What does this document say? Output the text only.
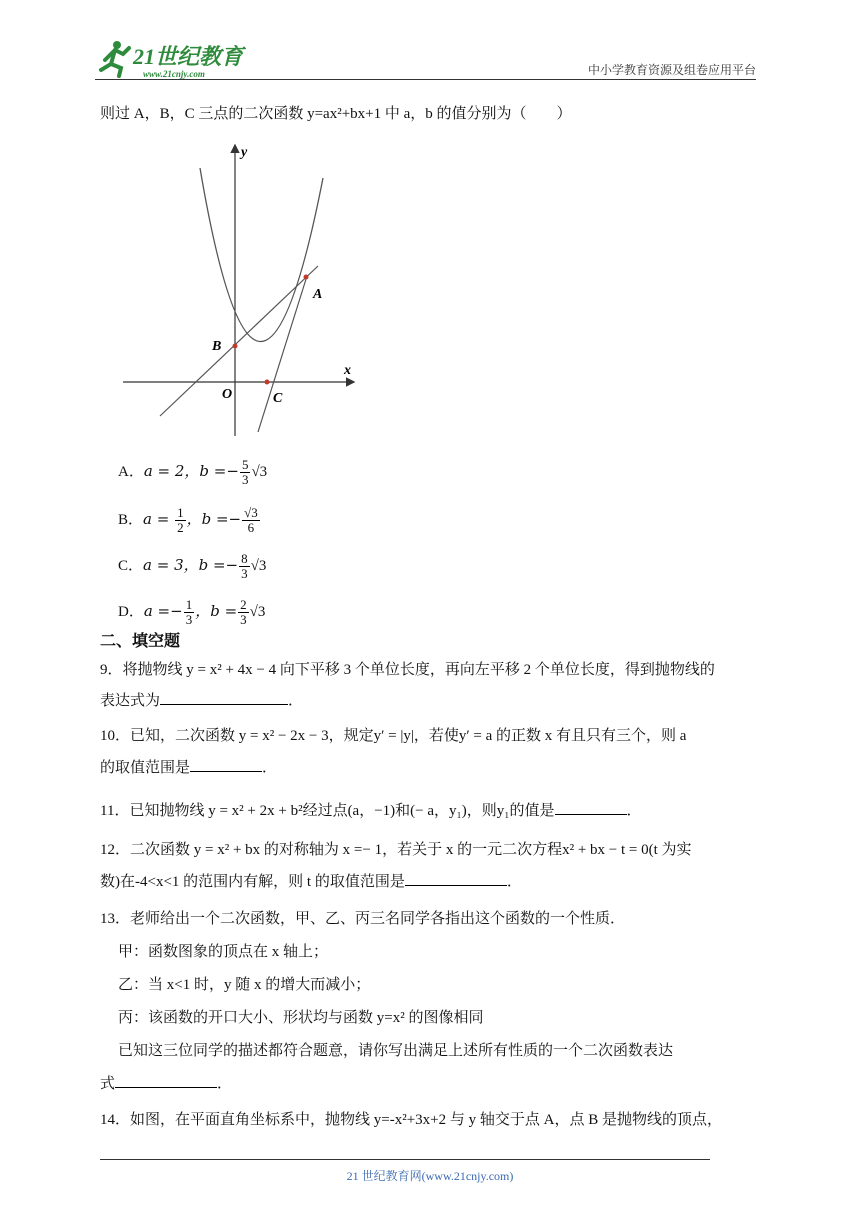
21世纪教育
www.21cnjy.com	中小学教育资源及组卷应用平台
则过 A，B，C 三点的二次函数 y=ax²+bx+1 中 a，b 的值分别为（　　）
y
x
A
B
C
O
A．a = 2，$b =- \frac{5}{3} √3$
B．$a = \frac{1}{2}$ ，$b =- \frac{√3}{6}$
C．a = 3，$b =- \frac{8}{3} √3$
D．$a =- \frac{1}{3}$ ，$b = \frac{2}{3} √3$
二、填空题
9．将抛物线 y = x² + 4x − 4 向下平移 3 个单位长度，再向左平移 2 个单位长度，得到抛物线的
表达式为	．
10．已知，二次函数 y = x² − 2x − 3，规定y′ = |y|，若使y′ = a 的正数 x 有且只有三个，则 a
的取值范围是	．
11．已知抛物线 y = x² + 2x + b²经过点(a，−1)和(− a，y₁)，则y₁的值是	．
12．二次函数 y = x² + bx 的对称轴为 x =− 1，若关于 x 的一元二次方程x² + bx − t = 0(t 为实
数)在-4<x<1 的范围内有解，则 t 的取值范围是	．
13．老师给出一个二次函数，甲、乙、丙三名同学各指出这个函数的一个性质．
甲：函数图象的顶点在 x 轴上；
乙：当 x<1 时，y 随 x 的增大而减小；
丙：该函数的开口大小、形状均与函数 y=x² 的图像相同
已知这三位同学的描述都符合题意，请你写出满足上述所有性质的一个二次函数表达
式	．
14．如图，在平面直角坐标系中，抛物线 y=-x²+3x+2 与 y 轴交于点 A，点 B 是抛物线的顶点，
21 世纪教育网(www.21cnjy.com)
